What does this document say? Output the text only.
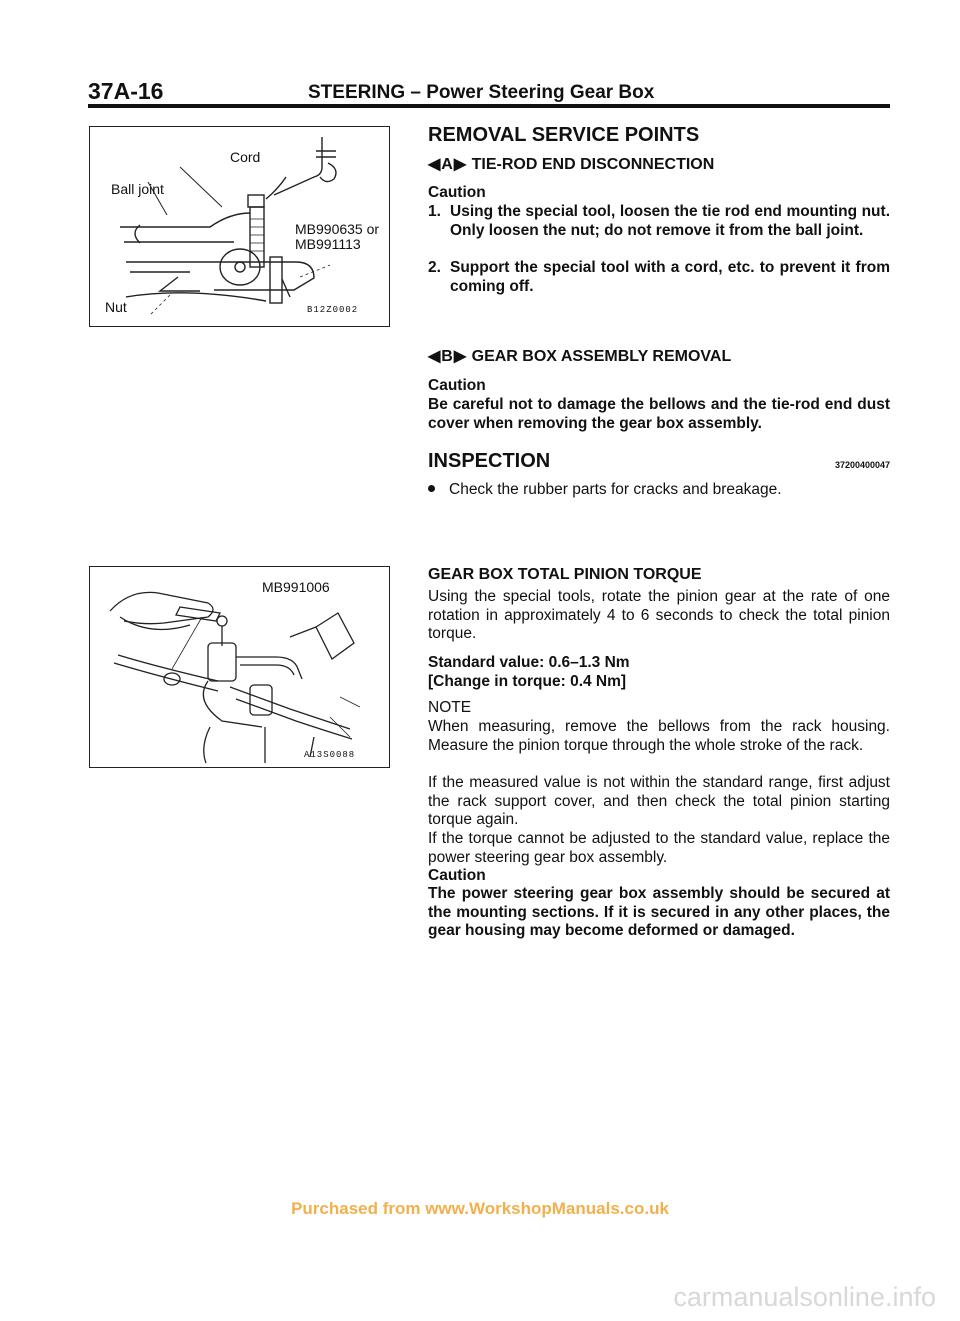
37A-16	STEERING – Power Steering Gear Box
Cord
Ball joint
MB990635 or
MB991113
Nut	B12Z0002
MB991006
A13S0088
REMOVAL SERVICE POINTS
◀A▶ TIE-ROD END DISCONNECTION
Caution
1. Using the special tool, loosen the tie rod end mounting nut. Only loosen the nut; do not remove it from the ball joint.
2. Support the special tool with a cord, etc. to prevent it from coming off.
◀B▶ GEAR BOX ASSEMBLY REMOVAL
Caution
Be careful not to damage the bellows and the tie-rod end dust cover when removing the gear box assembly.
INSPECTION	37200400047
Check the rubber parts for cracks and breakage.
GEAR BOX TOTAL PINION TORQUE
Using the special tools, rotate the pinion gear at the rate of one rotation in approximately 4 to 6 seconds to check the total pinion torque.
Standard value: 0.6–1.3 Nm
[Change in torque: 0.4 Nm]
NOTE
When measuring, remove the bellows from the rack housing. Measure the pinion torque through the whole stroke of the rack.
If the measured value is not within the standard range, first adjust the rack support cover, and then check the total pinion starting torque again.
If the torque cannot be adjusted to the standard value, replace the power steering gear box assembly.
Caution
The power steering gear box assembly should be secured at the mounting sections. If it is secured in any other places, the gear housing may become deformed or damaged.
Purchased from www.WorkshopManuals.co.uk
carmanualsonline.info
